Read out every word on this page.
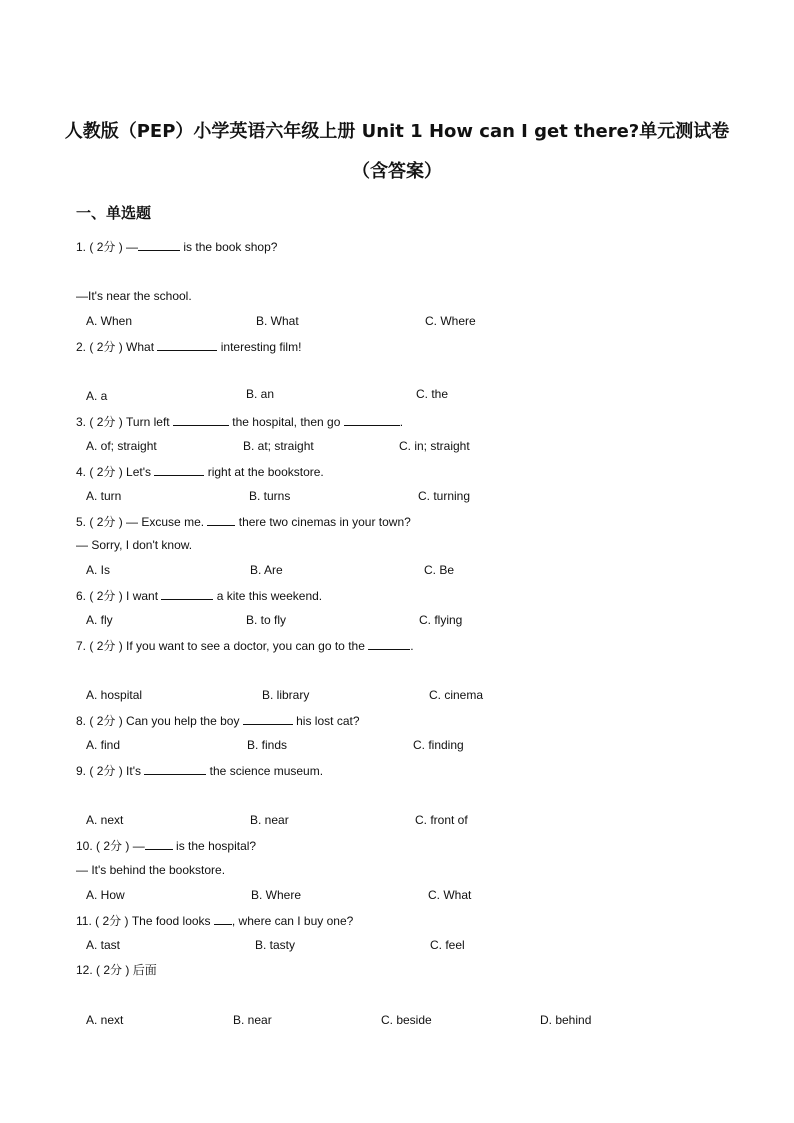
人教版（PEP）小学英语六年级上册 Unit 1 How can I get there?单元测试卷（含答案）
一、单选题
1. ( 2分 ) —	is the book shop?
—It's near the school.
A. When	B. What	C. Where
2. ( 2分 ) What	interesting film!
A. a	B. an	C. the
3. ( 2分 ) Turn left	the hospital, then go	.
A. of; straight	B. at; straight	C. in; straight
4. ( 2分 ) Let's	right at the bookstore.
A. turn	B. turns	C. turning
5. ( 2分 ) — Excuse me.  there two cinemas in your town?
— Sorry, I don't know.
A. Is	B. Are	C. Be
6. ( 2分 ) I want	a kite this weekend.
A. fly	B. to fly	C. flying
7. ( 2分 ) If you want to see a doctor, you can go to the	.
A. hospital	B. library	C. cinema
8. ( 2分 ) Can you help the boy	his lost cat?
A. find	B. finds	C. finding
9. ( 2分 ) It's	the science museum.
A. next	B. near	C. front of
10. ( 2分 ) — is the hospital?
— It's behind the bookstore.
A. How	B. Where	C. What
11. ( 2分 ) The food looks , where can I buy one?
A. tast	B. tasty	C. feel
12. ( 2分 ) 后面
A. next	B. near	C. beside	D. behind
